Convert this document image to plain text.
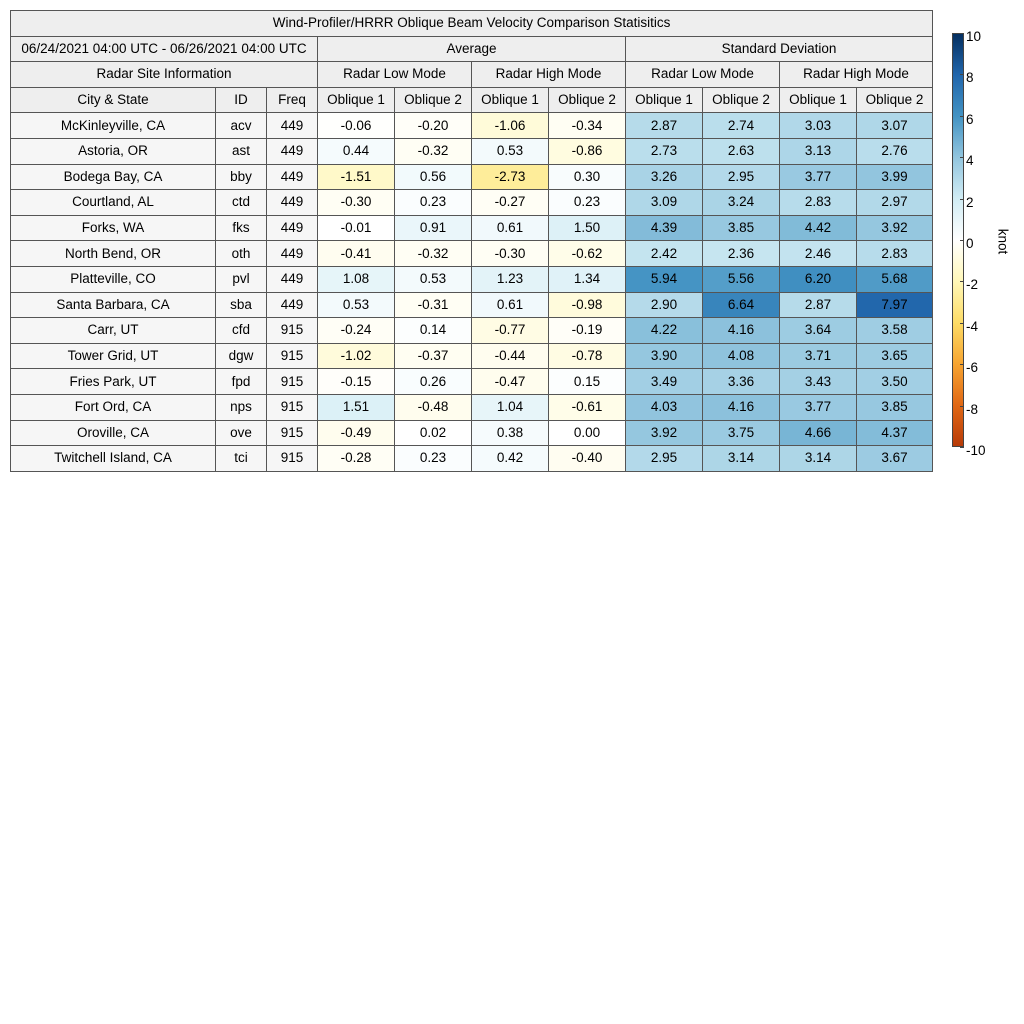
Wind-Profiler/HRRR Oblique Beam Velocity Comparison Statisitics										
06/24/2021 04:00 UTC - 06/26/2021 04:00 UTC			Average				Standard Deviation			
Radar Site Information			Radar Low Mode		Radar High Mode		Radar Low Mode		Radar High Mode	
City & State	ID	Freq	Oblique 1	Oblique 2	Oblique 1	Oblique 2	Oblique 1	Oblique 2	Oblique 1	Oblique 2
McKinleyville, CA	acv	449	-0.06	-0.20	-1.06	-0.34	2.87	2.74	3.03	3.07
Astoria, OR	ast	449	0.44	-0.32	0.53	-0.86	2.73	2.63	3.13	2.76
Bodega Bay, CA	bby	449	-1.51	0.56	-2.73	0.30	3.26	2.95	3.77	3.99
Courtland, AL	ctd	449	-0.30	0.23	-0.27	0.23	3.09	3.24	2.83	2.97
Forks, WA	fks	449	-0.01	0.91	0.61	1.50	4.39	3.85	4.42	3.92
North Bend, OR	oth	449	-0.41	-0.32	-0.30	-0.62	2.42	2.36	2.46	2.83
Platteville, CO	pvl	449	1.08	0.53	1.23	1.34	5.94	5.56	6.20	5.68
Santa Barbara, CA	sba	449	0.53	-0.31	0.61	-0.98	2.90	6.64	2.87	7.97
Carr, UT	cfd	915	-0.24	0.14	-0.77	-0.19	4.22	4.16	3.64	3.58
Tower Grid, UT	dgw	915	-1.02	-0.37	-0.44	-0.78	3.90	4.08	3.71	3.65
Fries Park, UT	fpd	915	-0.15	0.26	-0.47	0.15	3.49	3.36	3.43	3.50
Fort Ord, CA	nps	915	1.51	-0.48	1.04	-0.61	4.03	4.16	3.77	3.85
Oroville, CA	ove	915	-0.49	0.02	0.38	0.00	3.92	3.75	4.66	4.37
Twitchell Island, CA	tci	915	-0.28	0.23	0.42	-0.40	2.95	3.14	3.14	3.67
10
8
6
4
2
0
-2
-4
-6
-8
-10
knot
